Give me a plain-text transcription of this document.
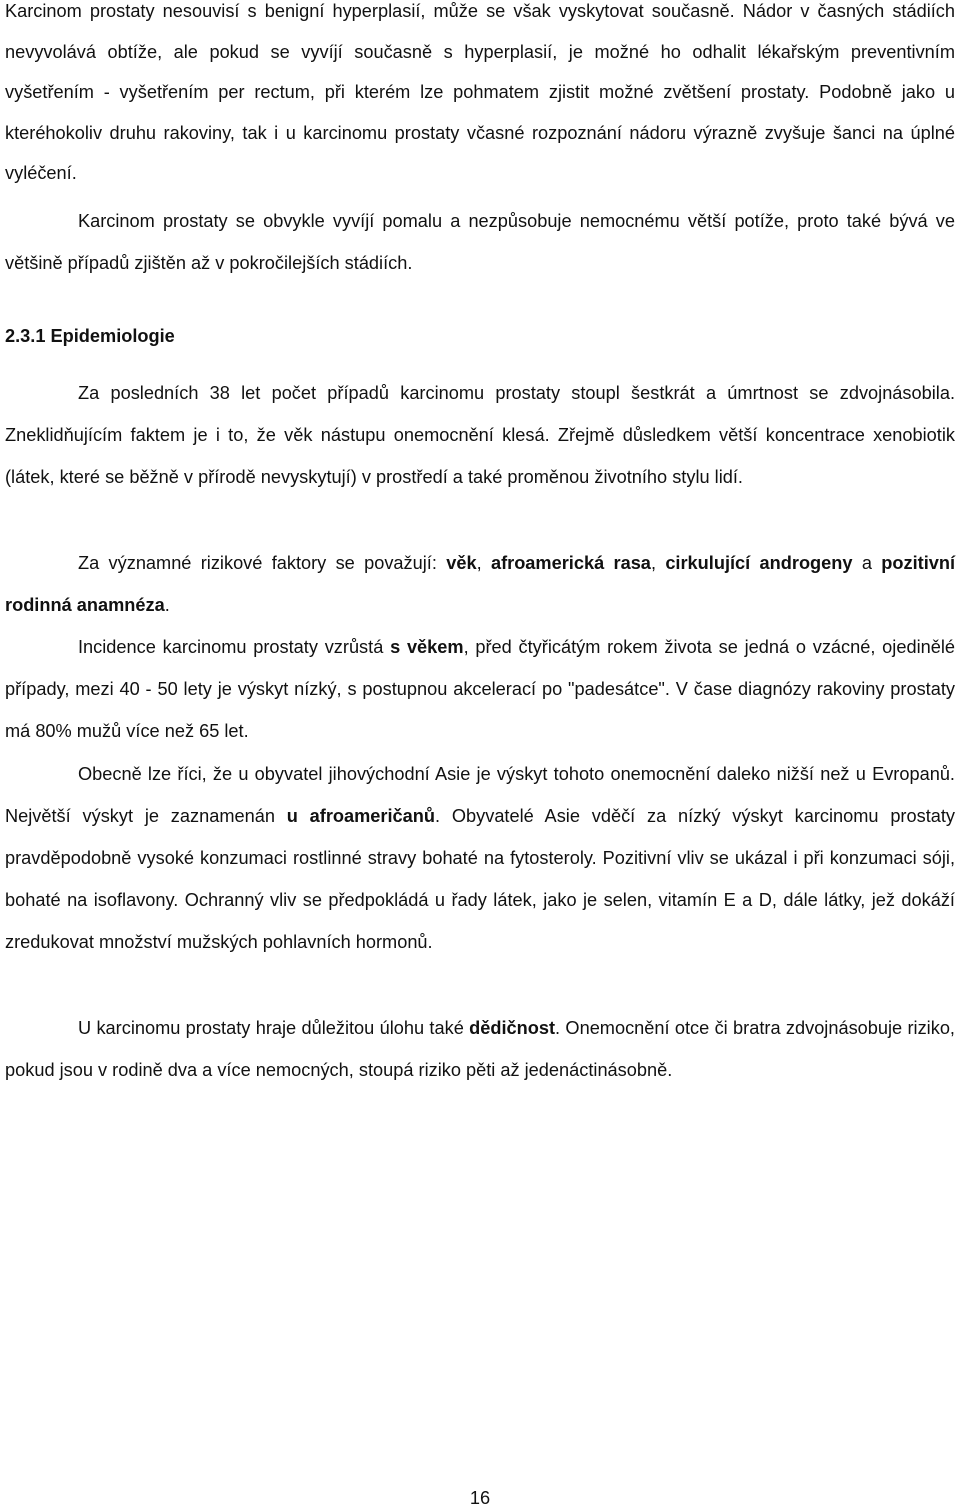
Karcinom prostaty nesouvisí s benigní hyperplasií, může se však vyskytovat současně. Nádor v časných stádiích nevyvolává obtíže, ale pokud se vyvíjí současně s hyperplasií, je možné ho odhalit lékařským preventivním vyšetřením - vyšetřením per rectum, při kterém lze pohmatem zjistit možné zvětšení prostaty. Podobně jako u kteréhokoliv druhu rakoviny, tak i u karcinomu prostaty včasné rozpoznání nádoru výrazně zvyšuje šanci na úplné vyléčení.

Karcinom prostaty se obvykle vyvíjí pomalu a nezpůsobuje nemocnému větší potíže, proto také bývá ve většině případů zjištěn až v pokročilejších stádiích.

2.3.1 Epidemiologie

Za posledních 38 let počet případů karcinomu prostaty stoupl šestkrát a úmrtnost se zdvojnásobila. Zneklidňujícím faktem je i to, že věk nástupu onemocnění klesá. Zřejmě důsledkem větší koncentrace xenobiotik (látek, které se běžně v přírodě nevyskytují) v prostředí a také proměnou životního stylu lidí.

Za významné rizikové faktory se považují: věk, afroamerická rasa, cirkulující androgeny a pozitivní rodinná anamnéza.

Incidence karcinomu prostaty vzrůstá s věkem, před čtyřicátým rokem života se jedná o vzácné, ojedinělé případy, mezi 40 - 50 lety je výskyt nízký, s postupnou akcelerací po "padesátce". V čase diagnózy rakoviny prostaty má 80% mužů více než 65 let.

Obecně lze říci, že u obyvatel jihovýchodní Asie je výskyt tohoto onemocnění daleko nižší než u Evropanů. Největší výskyt je zaznamenán u afroameričanů. Obyvatelé Asie vděčí za nízký výskyt karcinomu prostaty pravděpodobně vysoké konzumaci rostlinné stravy bohaté na fytosteroly. Pozitivní vliv se ukázal i při konzumaci sóji, bohaté na isoflavony. Ochranný vliv se předpokládá u řady látek, jako je selen, vitamín E a D, dále látky, jež dokáží zredukovat množství mužských pohlavních hormonů.

U karcinomu prostaty hraje důležitou úlohu také dědičnost. Onemocnění otce či bratra zdvojnásobuje riziko, pokud jsou v rodině dva a více nemocných, stoupá riziko pěti až jedenáctinásobně.

16
